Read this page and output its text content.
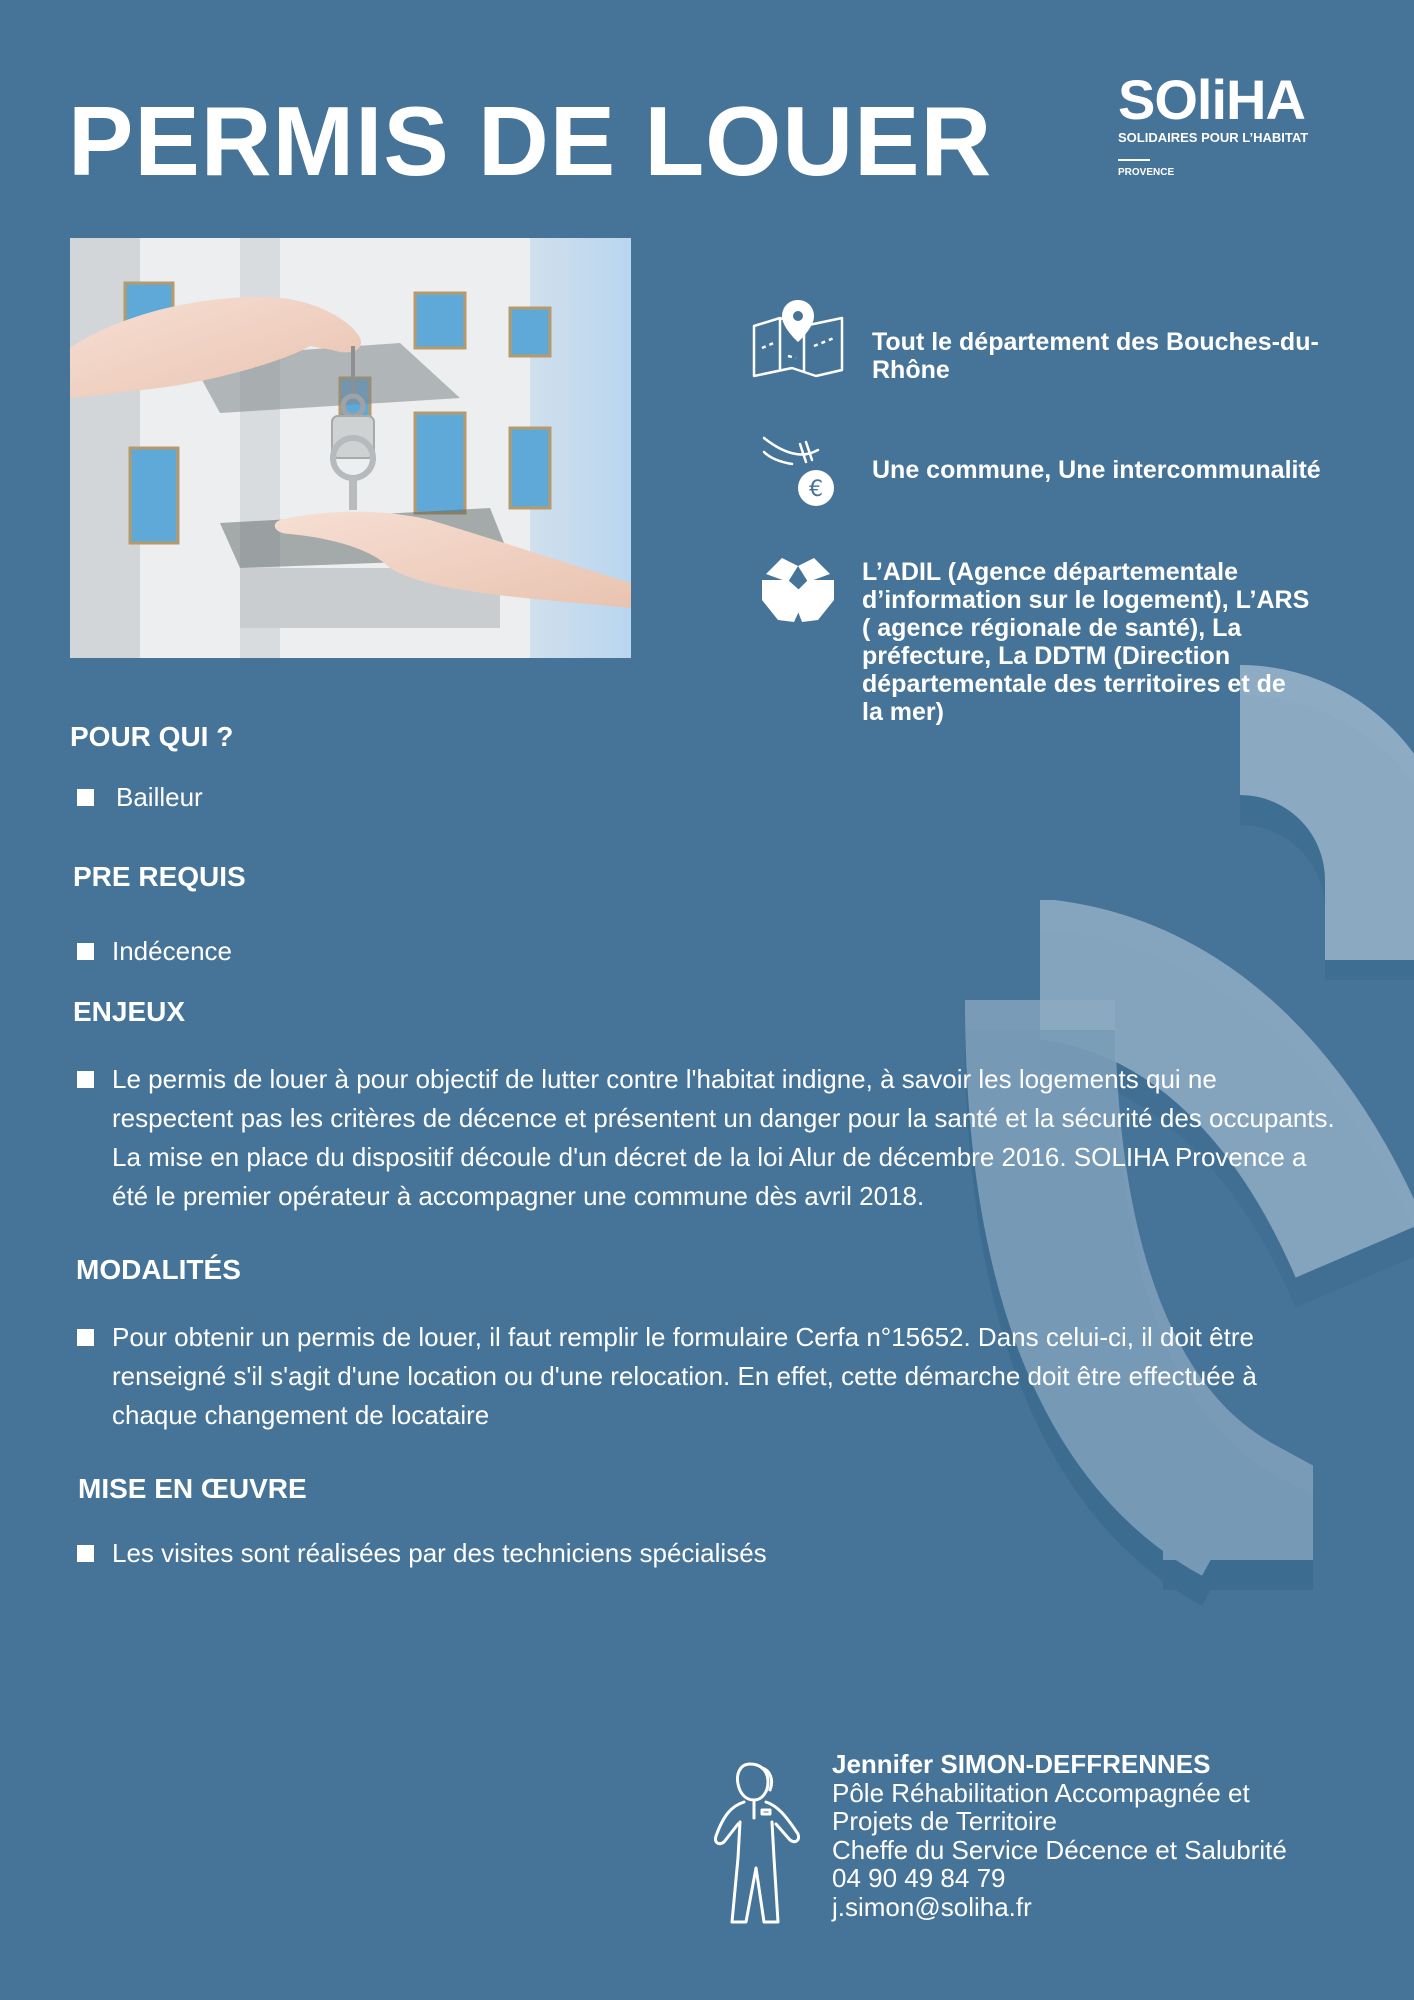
PERMIS DE LOUER SOliHA
SOLIDAIRES POUR L’HABITAT
PROVENCE
Tout le département des Bouches-du-
Rhône
€
Une commune, Une intercommunalité
L’ADIL (Agence départementale
d’information sur le logement), L’ARS
( agence régionale de santé), La
préfecture, La DDTM (Direction
départementale des territoires et de
la mer)
POUR QUI ?
Bailleur
PRE REQUIS
Indécence
ENJEUX
Le permis de louer à pour objectif de lutter contre l'habitat indigne, à savoir les logements qui ne
respectent pas les critères de décence et présentent un danger pour la santé et la sécurité des occupants.
La mise en place du dispositif découle d'un décret de la loi Alur de décembre 2016. SOLIHA Provence a
été le premier opérateur à accompagner une commune dès avril 2018.
MODALITÉS
Pour obtenir un permis de louer, il faut remplir le formulaire Cerfa n°15652. Dans celui-ci, il doit être
renseigné s'il s'agit d'une location ou d'une relocation. En effet, cette démarche doit être effectuée à
chaque changement de locataire
MISE EN ŒUVRE
Les visites sont réalisées par des techniciens spécialisés
Jennifer SIMON-DEFFRENNES
Pôle Réhabilitation Accompagnée et
Projets de Territoire
Cheffe du Service Décence et Salubrité
04 90 49 84 79
j.simon@soliha.fr
